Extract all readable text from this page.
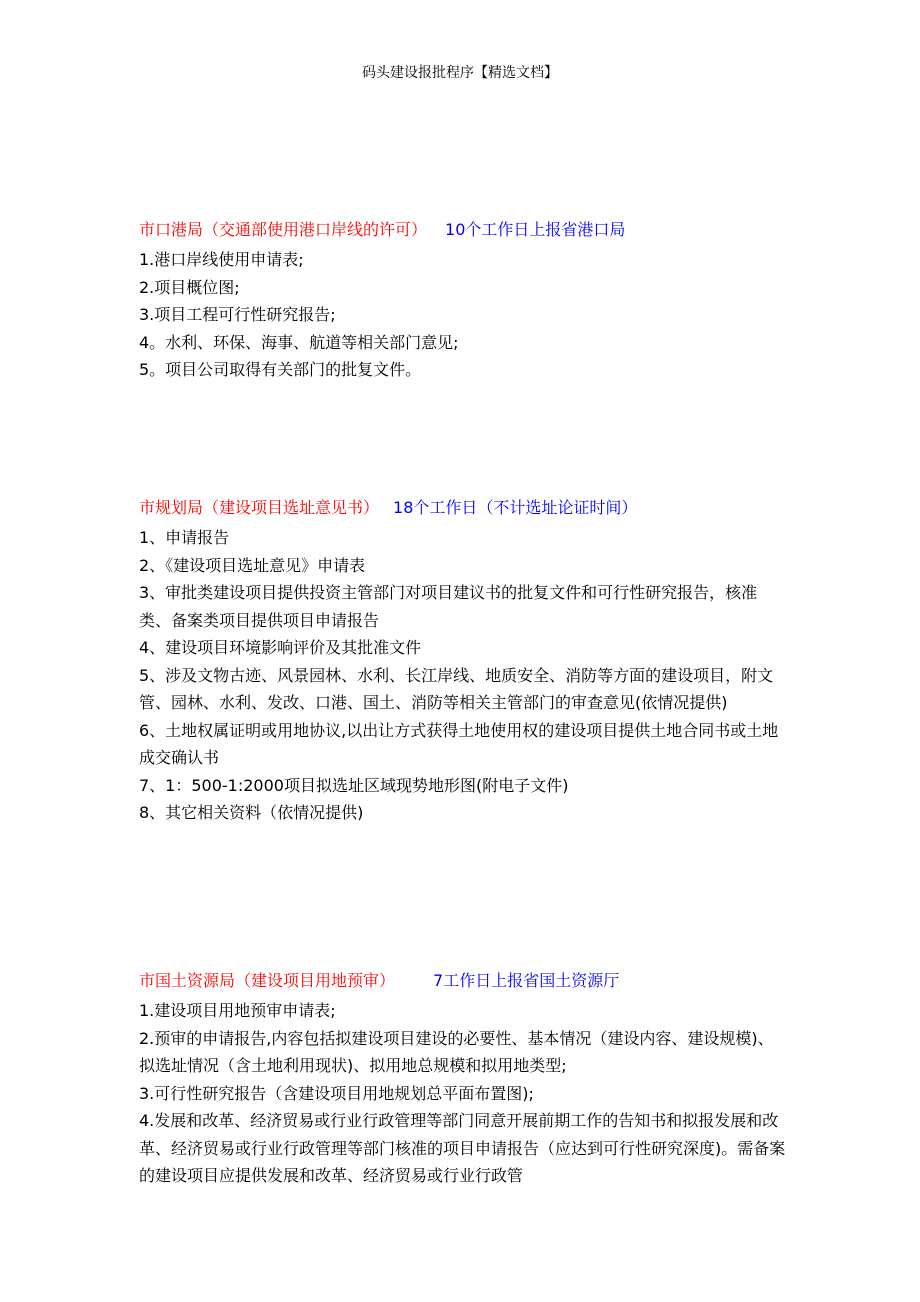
码头建设报批程序【精选文档】
市口港局（交通部使用港口岸线的许可） 10个工作日上报省港口局
1.港口岸线使用申请表;
2.项目概位图;
3.项目工程可行性研究报告;
4。水利、环保、海事、航道等相关部门意见;
5。项目公司取得有关部门的批复文件。
市规划局（建设项目选址意见书） 18个工作日（不计选址论证时间）
1、申请报告
2、《建设项目选址意见》申请表
3、审批类建设项目提供投资主管部门对项目建议书的批复文件和可行性研究报告，核准类、备案类项目提供项目申请报告
4、建设项目环境影响评价及其批准文件
5、涉及文物古迹、风景园林、水利、长江岸线、地质安全、消防等方面的建设项目，附文管、园林、水利、发改、口港、国土、消防等相关主管部门的审查意见(依情况提供)
6、土地权属证明或用地协议,以出让方式获得土地使用权的建设项目提供土地合同书或土地成交确认书
7、1：500-1:2000项目拟选址区域现势地形图(附电子文件)
8、其它相关资料（依情况提供)
市国土资源局（建设项目用地预审） 7工作日上报省国土资源厅
1.建设项目用地预审申请表;
2.预审的申请报告,内容包括拟建设项目建设的必要性、基本情况（建设内容、建设规模)、拟选址情况（含土地利用现状)、拟用地总规模和拟用地类型;
3.可行性研究报告（含建设项目用地规划总平面布置图);
4.发展和改革、经济贸易或行业行政管理等部门同意开展前期工作的告知书和拟报发展和改革、经济贸易或行业行政管理等部门核准的项目申请报告（应达到可行性研究深度)。需备案的建设项目应提供发展和改革、经济贸易或行业行政管
